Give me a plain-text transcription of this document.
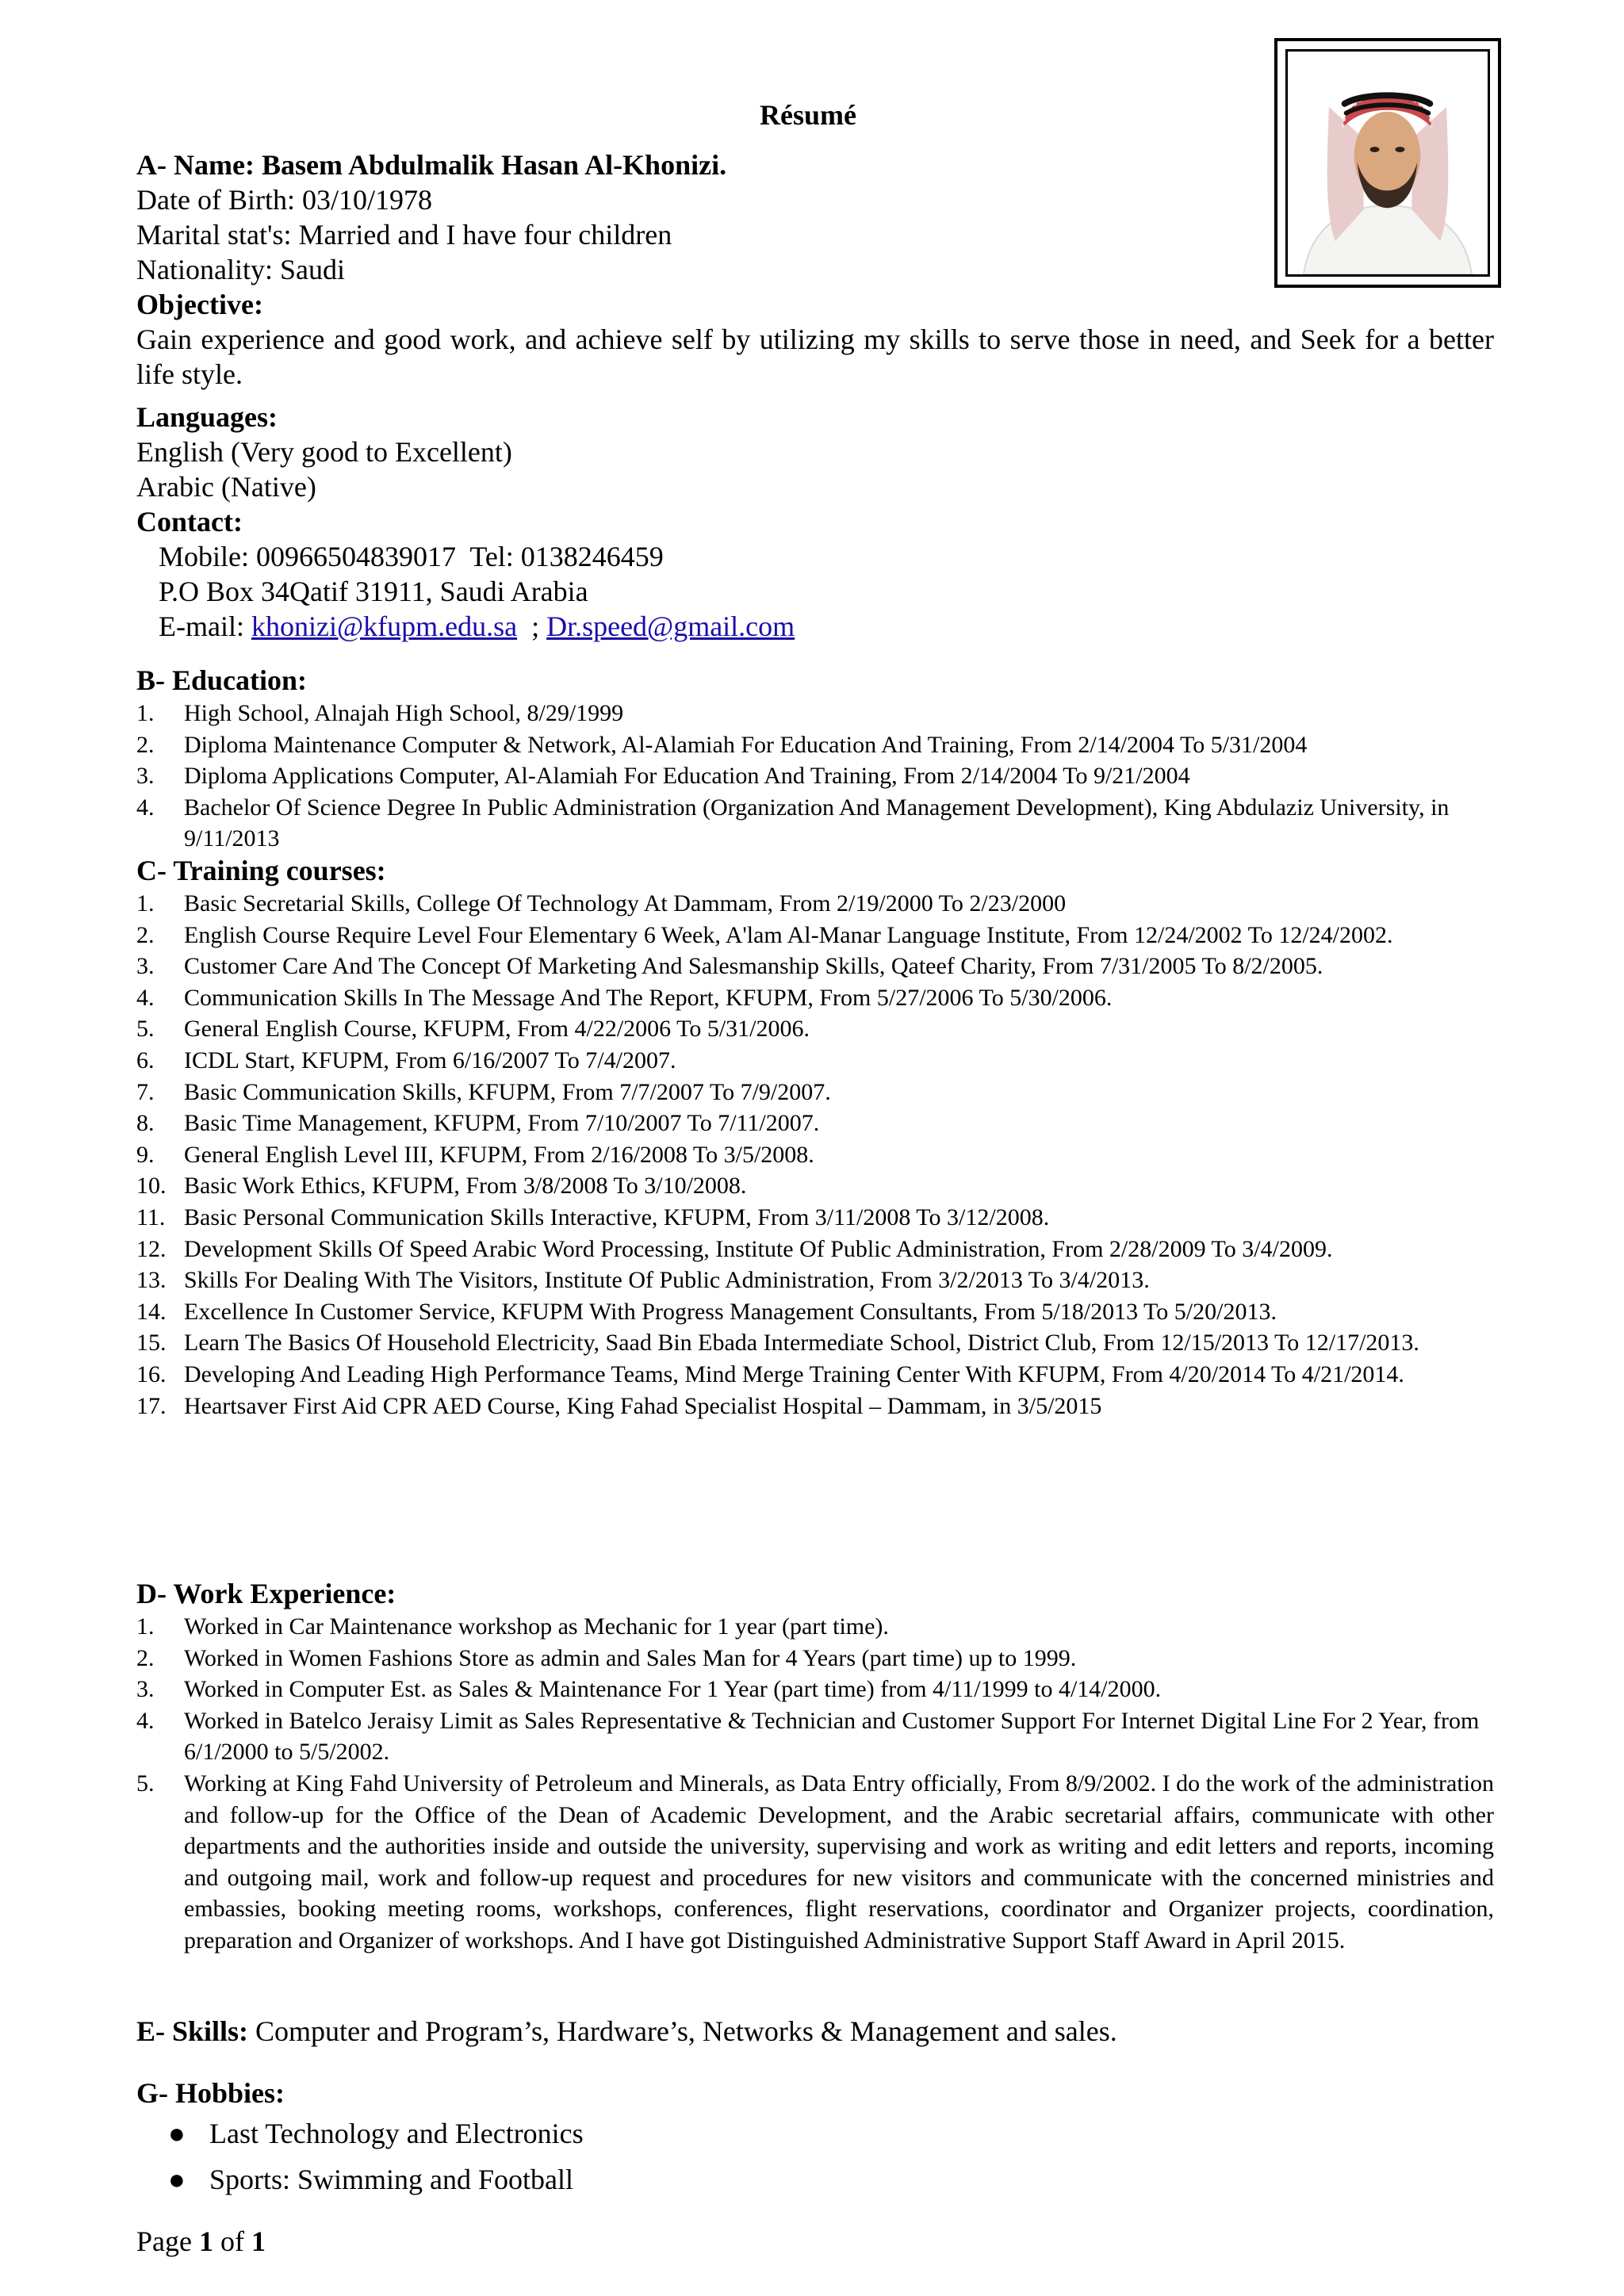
Résumé
A- Name: Basem Abdulmalik Hasan Al-Khonizi.
Date of Birth: 03/10/1978
Marital stat's: Married and I have four children
Nationality: Saudi
Objective:
Gain experience and good work, and achieve self by utilizing my skills to serve those in need, and Seek for a better life style.
Languages:
English (Very good to Excellent)
Arabic (Native)
Contact:
Mobile: 00966504839017  Tel: 0138246459
P.O Box 34Qatif 31911, Saudi Arabia
E-mail: khonizi@kfupm.edu.sa  ; Dr.speed@gmail.com
B- Education:
1. High School, Alnajah High School, 8/29/1999
2. Diploma Maintenance Computer & Network, Al-Alamiah For Education And Training, From 2/14/2004 To 5/31/2004
3. Diploma Applications Computer, Al-Alamiah For Education And Training, From 2/14/2004 To 9/21/2004
4. Bachelor Of Science Degree In Public Administration (Organization And Management Development), King Abdulaziz University, in 9/11/2013
C- Training courses:
1. Basic Secretarial Skills, College Of Technology At Dammam, From 2/19/2000 To 2/23/2000
2. English Course Require Level Four Elementary 6 Week, A'lam Al-Manar Language Institute, From 12/24/2002 To 12/24/2002.
3. Customer Care And The Concept Of Marketing And Salesmanship Skills, Qateef Charity, From 7/31/2005 To 8/2/2005.
4. Communication Skills In The Message And The Report, KFUPM, From 5/27/2006 To 5/30/2006.
5. General English Course, KFUPM, From 4/22/2006 To 5/31/2006.
6. ICDL Start, KFUPM, From 6/16/2007 To 7/4/2007.
7. Basic Communication Skills, KFUPM, From 7/7/2007 To 7/9/2007.
8. Basic Time Management, KFUPM, From 7/10/2007 To 7/11/2007.
9. General English Level III, KFUPM, From 2/16/2008 To 3/5/2008.
10. Basic Work Ethics, KFUPM, From 3/8/2008 To 3/10/2008.
11. Basic Personal Communication Skills Interactive, KFUPM, From 3/11/2008 To 3/12/2008.
12. Development Skills Of Speed Arabic Word Processing, Institute Of Public Administration, From 2/28/2009 To 3/4/2009.
13. Skills For Dealing With The Visitors, Institute Of Public Administration, From 3/2/2013 To 3/4/2013.
14. Excellence In Customer Service, KFUPM With Progress Management Consultants, From 5/18/2013 To 5/20/2013.
15. Learn The Basics Of Household Electricity, Saad Bin Ebada Intermediate School, District Club, From 12/15/2013 To 12/17/2013.
16. Developing And Leading High Performance Teams, Mind Merge Training Center With KFUPM, From 4/20/2014 To 4/21/2014.
17. Heartsaver First Aid CPR AED Course, King Fahad Specialist Hospital – Dammam, in 3/5/2015
D- Work Experience:
1. Worked in Car Maintenance workshop as Mechanic for 1 year (part time).
2. Worked in Women Fashions Store as admin and Sales Man for 4 Years (part time) up to 1999.
3. Worked in Computer Est. as Sales & Maintenance For 1 Year (part time) from 4/11/1999 to 4/14/2000.
4. Worked in Batelco Jeraisy Limit as Sales Representative & Technician and Customer Support For Internet Digital Line For 2 Year, from 6/1/2000 to 5/5/2002.
5. Working at King Fahd University of Petroleum and Minerals, as Data Entry officially, From 8/9/2002. I do the work of the administration and follow-up for the Office of the Dean of Academic Development, and the Arabic secretarial affairs, communicate with other departments and the authorities inside and outside the university, supervising and work as writing and edit letters and reports, incoming and outgoing mail, work and follow-up request and procedures for new visitors and communicate with the concerned ministries and embassies, booking meeting rooms, workshops, conferences, flight reservations, coordinator and Organizer projects, coordination, preparation and Organizer of workshops. And I have got Distinguished Administrative Support Staff Award in April 2015.
E- Skills: Computer and Program’s, Hardware’s, Networks & Management and sales.
G- Hobbies:
● Last Technology and Electronics
● Sports: Swimming and Football
Page 1 of 1
